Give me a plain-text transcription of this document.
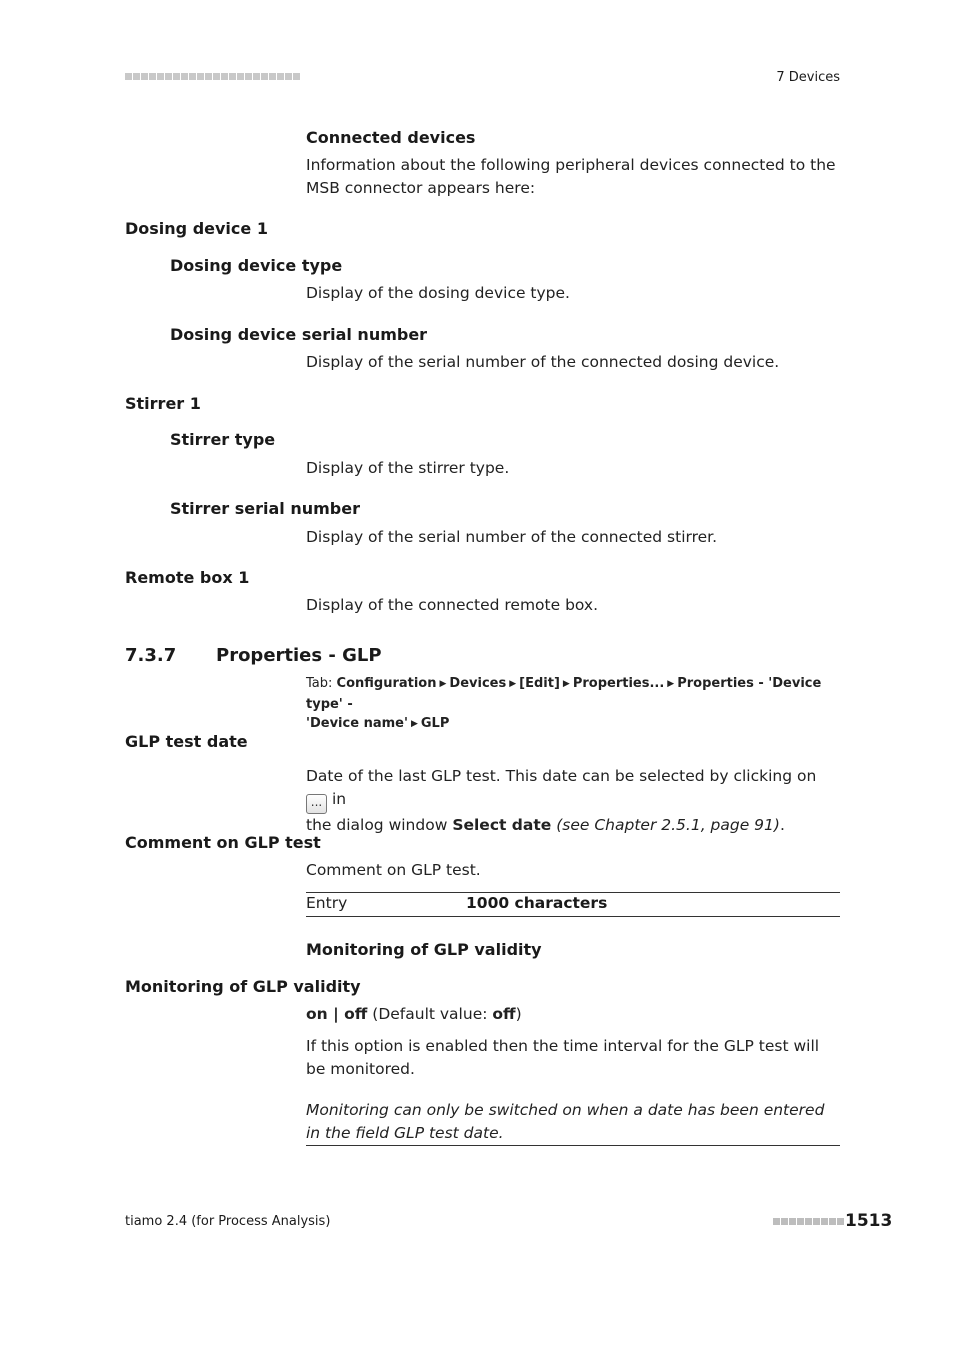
7 Devices
Connected devices
Information about the following peripheral devices connected to the MSB connector appears here:
Dosing device 1
Dosing device type
Display of the dosing device type.
Dosing device serial number
Display of the serial number of the connected dosing device.
Stirrer 1
Stirrer type
Display of the stirrer type.
Stirrer serial number
Display of the serial number of the connected stirrer.
Remote box 1
Display of the connected remote box.
7.3.7 Properties - GLP
Tab: Configuration ▶ Devices ▶ [Edit] ▶ Properties... ▶ Properties - 'Device type' -
'Device name' ▶ GLP
GLP test date
Date of the last GLP test. This date can be selected by clicking on ... in
the dialog window Select date (see Chapter 2.5.1, page 91).
Comment on GLP test
Comment on GLP test.
Entry	1000 characters
Monitoring of GLP validity
Monitoring of GLP validity
on | off (Default value: off)
If this option is enabled then the time interval for the GLP test will be monitored.
Monitoring can only be switched on when a date has been entered in the field GLP test date.
tiamo 2.4 (for Process Analysis)	1513
